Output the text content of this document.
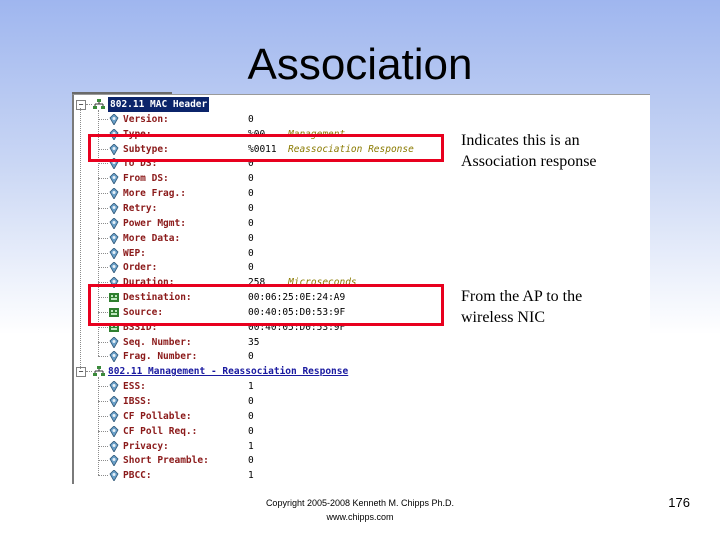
Association
−	802.11 MAC Header
Version:	0
Type:	%00 Management
Subtype:	%0011 Reassociation Response
To DS:	0
From DS:	0
More Frag.:	0
Retry:	0
Power Mgmt:	0
More Data:	0
WEP:	0
Order:	0
Duration:	258 Microseconds
Destination:	00:06:25:0E:24:A9
Source:	00:40:05:D0:53:9F
BSSID:	00:40:05:D0:53:9F
Seq. Number:	35
Frag. Number:	0
−	802.11 Management - Reassociation Response
ESS:	1
IBSS:	0
CF Pollable:	0
CF Poll Req.:	0
Privacy:	1
Short Preamble:	0
PBCC:	1
Indicates this is an
Association response
From the AP to the
wireless NIC
Copyright 2005-2008 Kenneth M. Chipps Ph.D.
www.chipps.com
176
